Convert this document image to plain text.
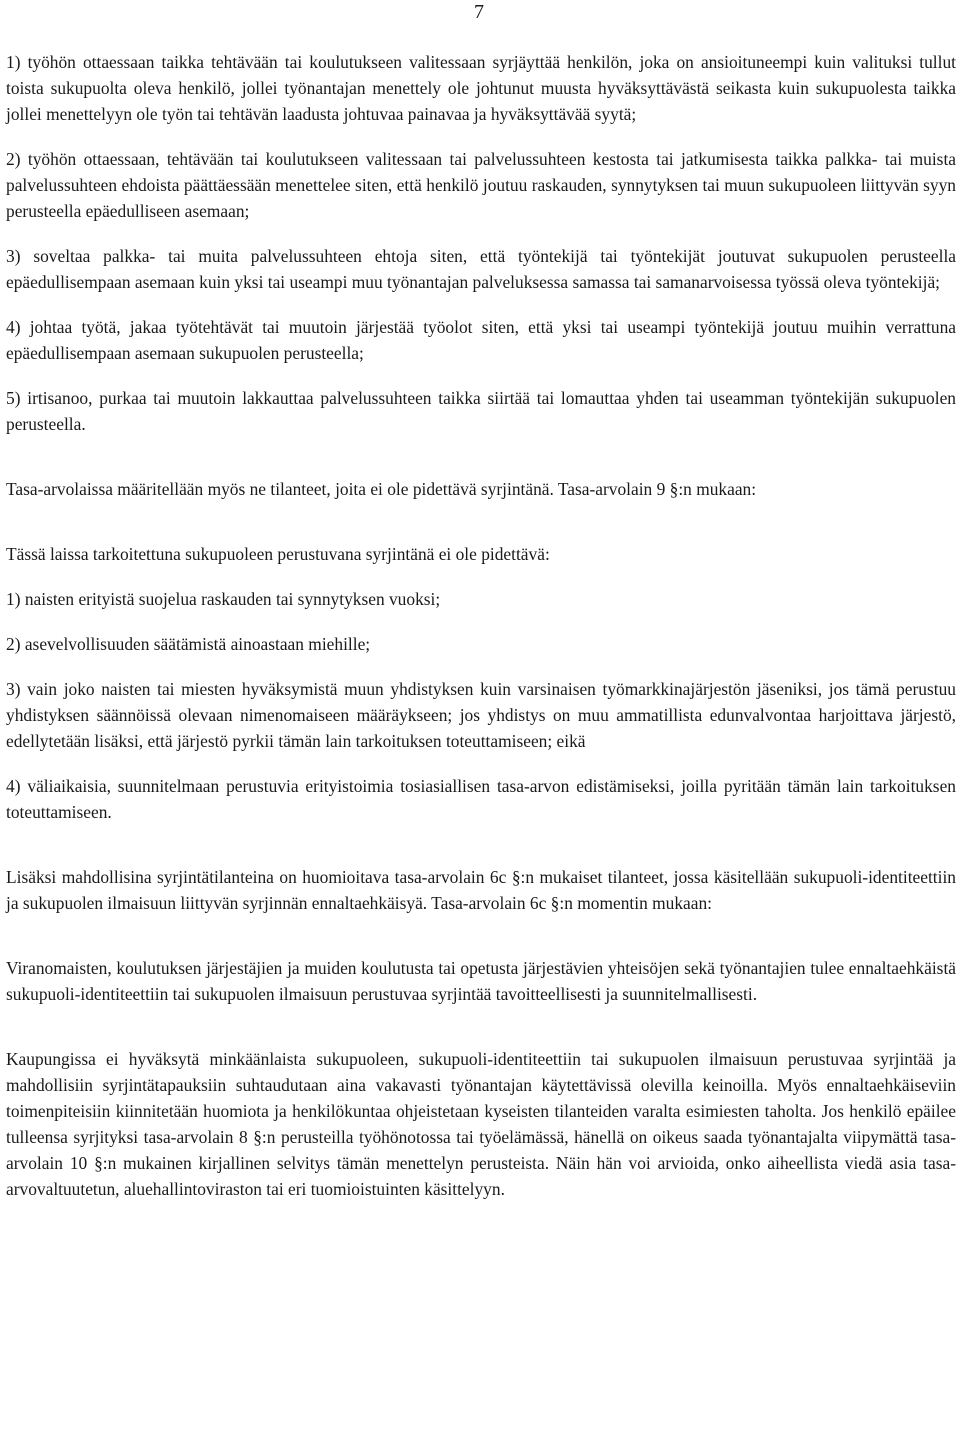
7

1) työhön ottaessaan taikka tehtävään tai koulutukseen valitessaan syrjäyttää henkilön, joka on ansioituneempi kuin valituksi tullut toista sukupuolta oleva henkilö, jollei työnantajan menettely ole johtunut muusta hyväksyttävästä seikasta kuin sukupuolesta taikka jollei menettelyyn ole työn tai tehtävän laadusta johtuvaa painavaa ja hyväksyttävää syytä;

2) työhön ottaessaan, tehtävään tai koulutukseen valitessaan tai palvelussuhteen kestosta tai jatkumisesta taikka palkka- tai muista palvelussuhteen ehdoista päättäessään menettelee siten, että henkilö joutuu raskauden, synnytyksen tai muun sukupuoleen liittyvän syyn perusteella epäedulliseen asemaan;

3) soveltaa palkka- tai muita palvelussuhteen ehtoja siten, että työntekijä tai työntekijät joutuvat sukupuolen perusteella epäedullisempaan asemaan kuin yksi tai useampi muu työnantajan palveluksessa samassa tai samanarvoisessa työssä oleva työntekijä;

4) johtaa työtä, jakaa työtehtävät tai muutoin järjestää työolot siten, että yksi tai useampi työntekijä joutuu muihin verrattuna epäedullisempaan asemaan sukupuolen perusteella;

5) irtisanoo, purkaa tai muutoin lakkauttaa palvelussuhteen taikka siirtää tai lomauttaa yhden tai useamman työntekijän sukupuolen perusteella.

Tasa-arvolaissa määritellään myös ne tilanteet, joita ei ole pidettävä syrjintänä. Tasa-arvolain 9 §:n mukaan:

Tässä laissa tarkoitettuna sukupuoleen perustuvana syrjintänä ei ole pidettävä:

1) naisten erityistä suojelua raskauden tai synnytyksen vuoksi;

2) asevelvollisuuden säätämistä ainoastaan miehille;

3) vain joko naisten tai miesten hyväksymistä muun yhdistyksen kuin varsinaisen työmarkkinajärjestön jäseniksi, jos tämä perustuu yhdistyksen säännöissä olevaan nimenomaiseen määräykseen; jos yhdistys on muu ammatillista edunvalvontaa harjoittava järjestö, edellytetään lisäksi, että järjestö pyrkii tämän lain tarkoituksen toteuttamiseen; eikä

4) väliaikaisia, suunnitelmaan perustuvia erityistoimia tosiasiallisen tasa-arvon edistämiseksi, joilla pyritään tämän lain tarkoituksen toteuttamiseen.

Lisäksi mahdollisina syrjintätilanteina on huomioitava tasa-arvolain 6c §:n mukaiset tilanteet, jossa käsitellään sukupuoli-identiteettiin ja sukupuolen ilmaisuun liittyvän syrjinnän ennaltaehkäisyä. Tasa-arvolain 6c §:n momentin mukaan:

Viranomaisten, koulutuksen järjestäjien ja muiden koulutusta tai opetusta järjestävien yhteisöjen sekä työnantajien tulee ennaltaehkäistä sukupuoli-identiteettiin tai sukupuolen ilmaisuun perustuvaa syrjintää tavoitteellisesti ja suunnitelmallisesti.

Kaupungissa ei hyväksytä minkäänlaista sukupuoleen, sukupuoli-identiteettiin tai sukupuolen ilmaisuun perustuvaa syrjintää ja mahdollisiin syrjintätapauksiin suhtaudutaan aina vakavasti työnantajan käytettävissä olevilla keinoilla. Myös ennaltaehkäiseviin toimenpiteisiin kiinnitetään huomiota ja henkilökuntaa ohjeistetaan kyseisten tilanteiden varalta esimiesten taholta. Jos henkilö epäilee tulleensa syrjityksi tasa-arvolain 8 §:n perusteilla työhönotossa tai työelämässä, hänellä on oikeus saada työnantajalta viipymättä tasa-arvolain 10 §:n mukainen kirjallinen selvitys tämän menettelyn perusteista. Näin hän voi arvioida, onko aiheellista viedä asia tasa-arvovaltuutetun, aluehallintoviraston tai eri tuomioistuinten käsittelyyn.
